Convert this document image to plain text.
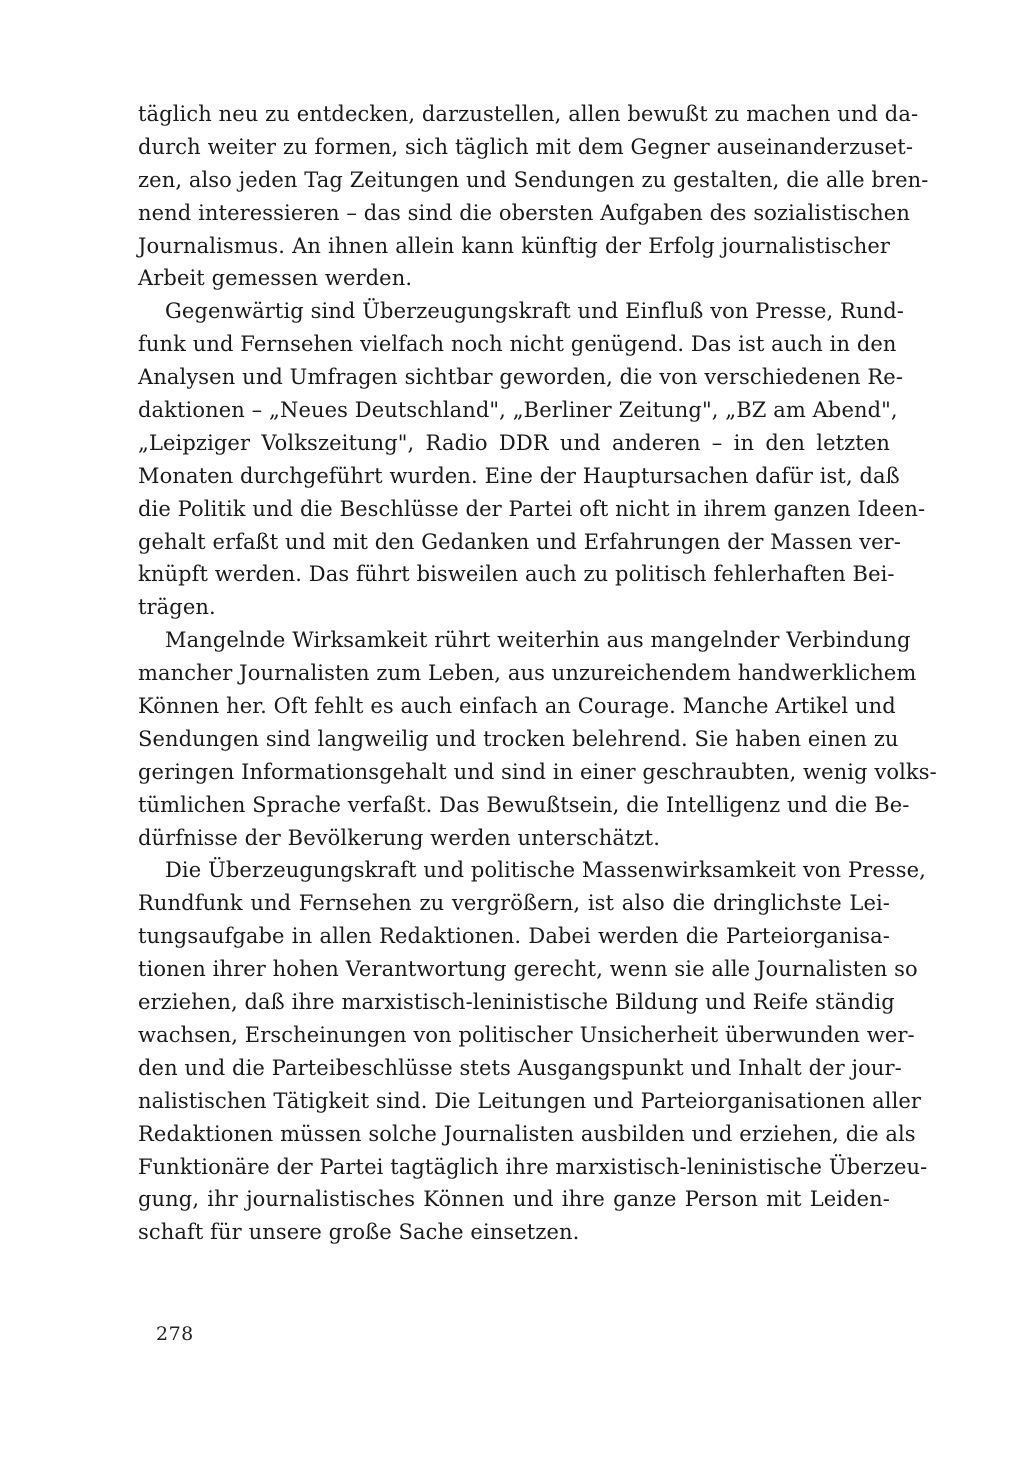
täglich neu zu entdecken, darzustellen, allen bewußt zu machen und da-
durch weiter zu formen, sich täglich mit dem Gegner auseinanderzuset-
zen, also jeden Tag Zeitungen und Sendungen zu gestalten, die alle bren-
nend interessieren – das sind die obersten Aufgaben des sozialistischen
Journalismus. An ihnen allein kann künftig der Erfolg journalistischer
Arbeit gemessen werden.
Gegenwärtig sind Überzeugungskraft und Einfluß von Presse, Rund-
funk und Fernsehen vielfach noch nicht genügend. Das ist auch in den
Analysen und Umfragen sichtbar geworden, die von verschiedenen Re-
daktionen – „Neues Deutschland", „Berliner Zeitung", „BZ am Abend",
„Leipziger Volkszeitung", Radio DDR und anderen – in den letzten
Monaten durchgeführt wurden. Eine der Hauptursachen dafür ist, daß
die Politik und die Beschlüsse der Partei oft nicht in ihrem ganzen Ideen-
gehalt erfaßt und mit den Gedanken und Erfahrungen der Massen ver-
knüpft werden. Das führt bisweilen auch zu politisch fehlerhaften Bei-
trägen.
Mangelnde Wirksamkeit rührt weiterhin aus mangelnder Verbindung
mancher Journalisten zum Leben, aus unzureichendem handwerklichem
Können her. Oft fehlt es auch einfach an Courage. Manche Artikel und
Sendungen sind langweilig und trocken belehrend. Sie haben einen zu
geringen Informationsgehalt und sind in einer geschraubten, wenig volks-
tümlichen Sprache verfaßt. Das Bewußtsein, die Intelligenz und die Be-
dürfnisse der Bevölkerung werden unterschätzt.
Die Überzeugungskraft und politische Massenwirksamkeit von Presse,
Rundfunk und Fernsehen zu vergrößern, ist also die dringlichste Lei-
tungsaufgabe in allen Redaktionen. Dabei werden die Parteiorganisa-
tionen ihrer hohen Verantwortung gerecht, wenn sie alle Journalisten so
erziehen, daß ihre marxistisch-leninistische Bildung und Reife ständig
wachsen, Erscheinungen von politischer Unsicherheit überwunden wer-
den und die Parteibeschlüsse stets Ausgangspunkt und Inhalt der jour-
nalistischen Tätigkeit sind. Die Leitungen und Parteiorganisationen aller
Redaktionen müssen solche Journalisten ausbilden und erziehen, die als
Funktionäre der Partei tagtäglich ihre marxistisch-leninistische Überzeu-
gung, ihr journalistisches Können und ihre ganze Person mit Leiden-
schaft für unsere große Sache einsetzen.
278
